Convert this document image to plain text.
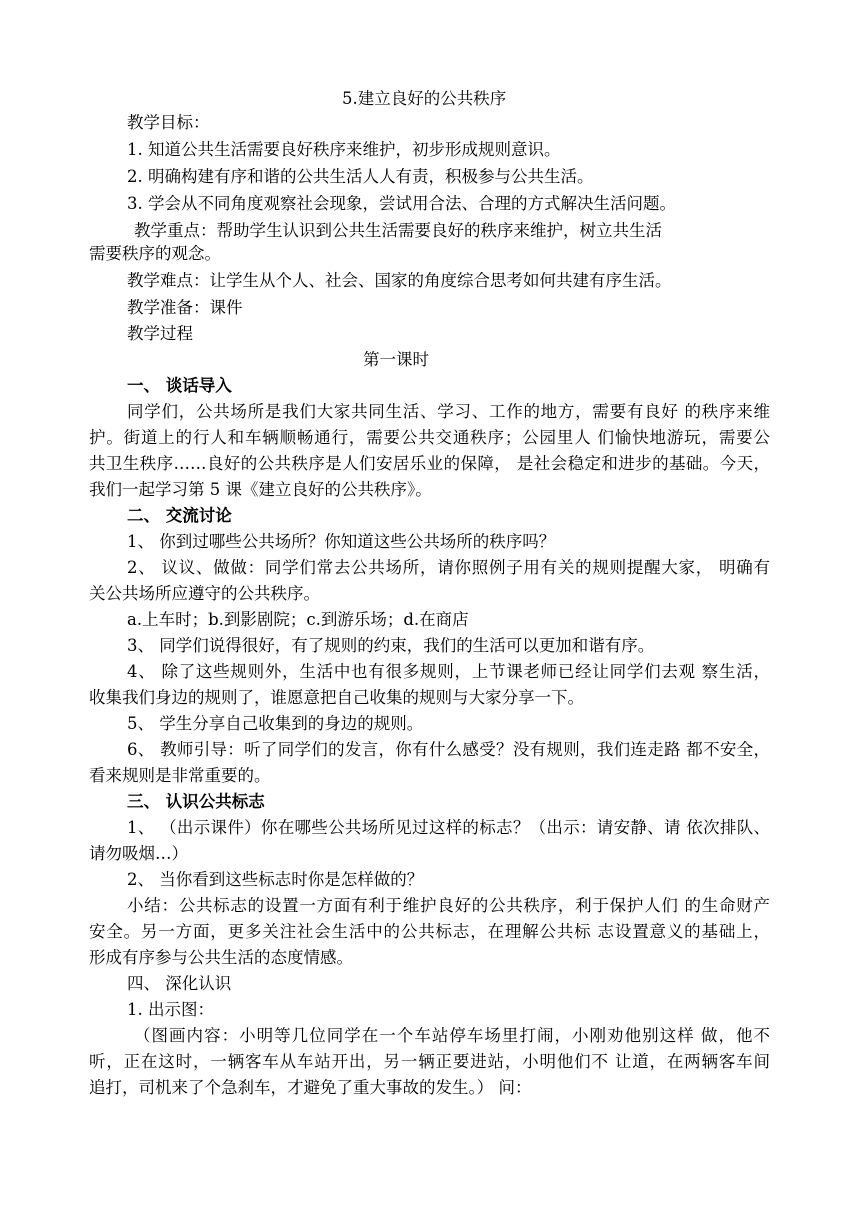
5.建立良好的公共秩序
教学目标：
1. 知道公共生活需要良好秩序来维护，初步形成规则意识。
2. 明确构建有序和谐的公共生活人人有责，积极参与公共生活。
3. 学会从不同角度观察社会现象，尝试用合法、合理的方式解决生活问题。
教学重点：帮助学生认识到公共生活需要良好的秩序来维护，树立共生活
需要秩序的观念。
教学难点：让学生从个人、社会、国家的角度综合思考如何共建有序生活。
教学准备：课件
教学过程
第一课时
一、 谈话导入
同学们，公共场所是我们大家共同生活、学习、工作的地方，需要有良好 的秩序来维
护。街道上的行人和车辆顺畅通行，需要公共交通秩序；公园里人 们愉快地游玩，需要公
共卫生秩序……良好的公共秩序是人们安居乐业的保障， 是社会稳定和进步的基础。今天，
我们一起学习第 5 课《建立良好的公共秩序》。
二、 交流讨论
1、 你到过哪些公共场所？你知道这些公共场所的秩序吗？
2、 议议、做做：同学们常去公共场所，请你照例子用有关的规则提醒大家， 明确有
关公共场所应遵守的公共秩序。
a.上车时；b.到影剧院；c.到游乐场；d.在商店
3、 同学们说得很好，有了规则的约束，我们的生活可以更加和谐有序。
4、 除了这些规则外，生活中也有很多规则，上节课老师已经让同学们去观 察生活，
收集我们身边的规则了，谁愿意把自己收集的规则与大家分享一下。
5、 学生分享自己收集到的身边的规则。
6、 教师引导：听了同学们的发言，你有什么感受？没有规则，我们连走路 都不安全，
看来规则是非常重要的。
三、 认识公共标志
1、 （出示课件）你在哪些公共场所见过这样的标志？（出示：请安静、请 依次排队、
请勿吸烟…）
2、 当你看到这些标志时你是怎样做的？
小结：公共标志的设置一方面有利于维护良好的公共秩序，利于保护人们 的生命财产
安全。另一方面，更多关注社会生活中的公共标志，在理解公共标 志设置意义的基础上，
形成有序参与公共生活的态度情感。
四、 深化认识
1. 出示图：
（图画内容：小明等几位同学在一个车站停车场里打闹，小刚劝他别这样 做，他不
听，正在这时，一辆客车从车站开出，另一辆正要进站，小明他们不 让道，在两辆客车间
追打，司机来了个急刹车，才避免了重大事故的发生。） 问：
